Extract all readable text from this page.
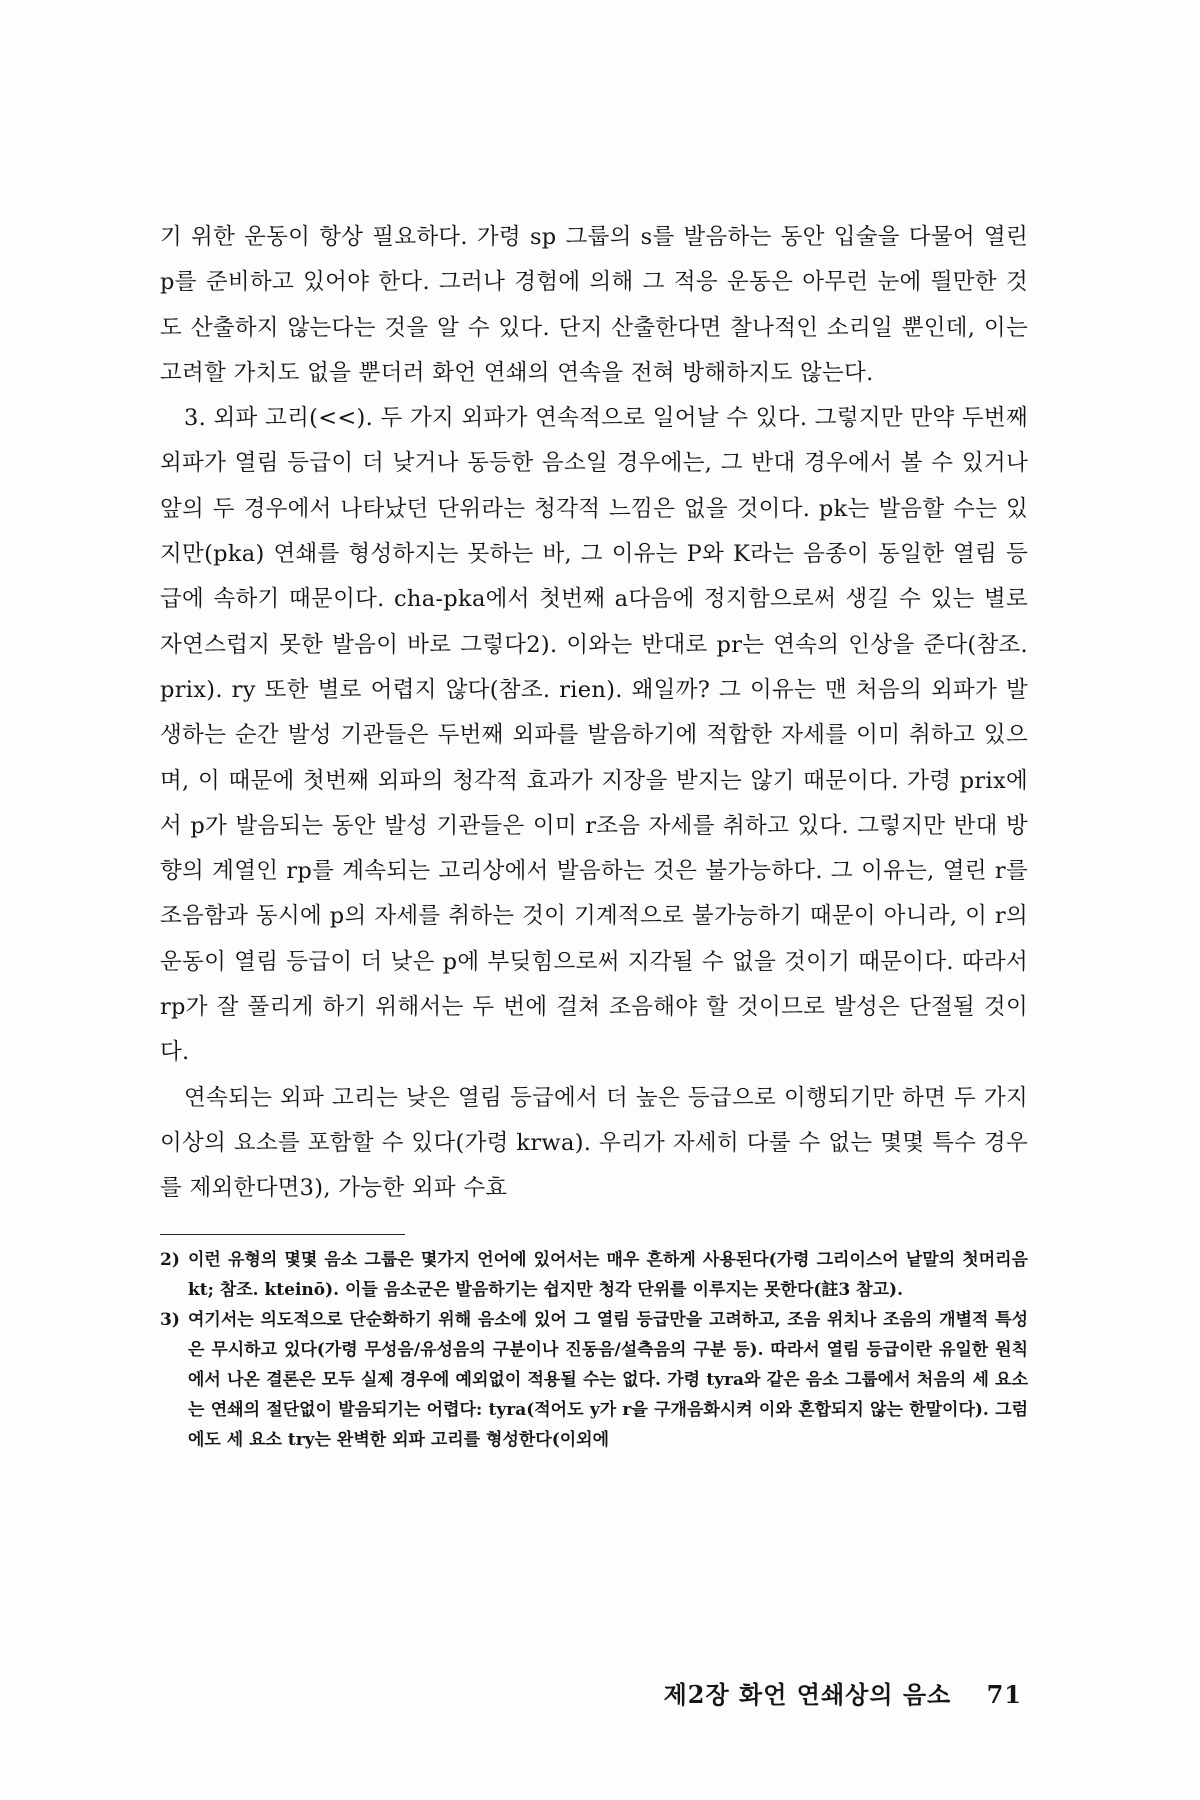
기 위한 운동이 항상 필요하다. 가령 sp 그룹의 s를 발음하는 동안 입술을 다물어 열린 p를 준비하고 있어야 한다. 그러나 경험에 의해 그 적응 운동은 아무런 눈에 띌만한 것도 산출하지 않는다는 것을 알 수 있다. 단지 산출한다면 찰나적인 소리일 뿐인데, 이는 고려할 가치도 없을 뿐더러 화언 연쇄의 연속을 전혀 방해하지도 않는다.

3. 외파 고리(<<). 두 가지 외파가 연속적으로 일어날 수 있다. 그렇지만 만약 두번째 외파가 열림 등급이 더 낮거나 동등한 음소일 경우에는, 그 반대 경우에서 볼 수 있거나 앞의 두 경우에서 나타났던 단위라는 청각적 느낌은 없을 것이다. pk는 발음할 수는 있지만(pka) 연쇄를 형성하지는 못하는 바, 그 이유는 P와 K라는 음종이 동일한 열림 등급에 속하기 때문이다. cha-pka에서 첫번째 a다음에 정지함으로써 생길 수 있는 별로 자연스럽지 못한 발음이 바로 그렇다2). 이와는 반대로 pr는 연속의 인상을 준다(참조. prix). ry 또한 별로 어렵지 않다(참조. rien). 왜일까? 그 이유는 맨 처음의 외파가 발생하는 순간 발성 기관들은 두번째 외파를 발음하기에 적합한 자세를 이미 취하고 있으며, 이 때문에 첫번째 외파의 청각적 효과가 지장을 받지는 않기 때문이다. 가령 prix에서 p가 발음되는 동안 발성 기관들은 이미 r조음 자세를 취하고 있다. 그렇지만 반대 방향의 계열인 rp를 계속되는 고리상에서 발음하는 것은 불가능하다. 그 이유는, 열린 r를 조음함과 동시에 p의 자세를 취하는 것이 기계적으로 불가능하기 때문이 아니라, 이 r의 운동이 열림 등급이 더 낮은 p에 부딪힘으로써 지각될 수 없을 것이기 때문이다. 따라서 rp가 잘 풀리게 하기 위해서는 두 번에 걸쳐 조음해야 할 것이므로 발성은 단절될 것이다.

연속되는 외파 고리는 낮은 열림 등급에서 더 높은 등급으로 이행되기만 하면 두 가지 이상의 요소를 포함할 수 있다(가령 krwa). 우리가 자세히 다룰 수 없는 몇몇 특수 경우를 제외한다면3), 가능한 외파 수효

2) 이런 유형의 몇몇 음소 그룹은 몇가지 언어에 있어서는 매우 흔하게 사용된다(가령 그리이스어 낱말의 첫머리음 kt; 참조. kteinō). 이들 음소군은 발음하기는 쉽지만 청각 단위를 이루지는 못한다(註3 참고).
3) 여기서는 의도적으로 단순화하기 위해 음소에 있어 그 열림 등급만을 고려하고, 조음 위치나 조음의 개별적 특성은 무시하고 있다(가령 무성음/유성음의 구분이나 진동음/설측음의 구분 등). 따라서 열림 등급이란 유일한 원칙에서 나온 결론은 모두 실제 경우에 예외없이 적용될 수는 없다. 가령 tyra와 같은 음소 그룹에서 처음의 세 요소는 연쇄의 절단없이 발음되기는 어렵다: tyra(적어도 y가 r을 구개음화시켜 이와 혼합되지 않는 한말이다). 그럼에도 세 요소 try는 완벽한 외파 고리를 형성한다(이외에
제2장 화언 연쇄상의 음소 71
